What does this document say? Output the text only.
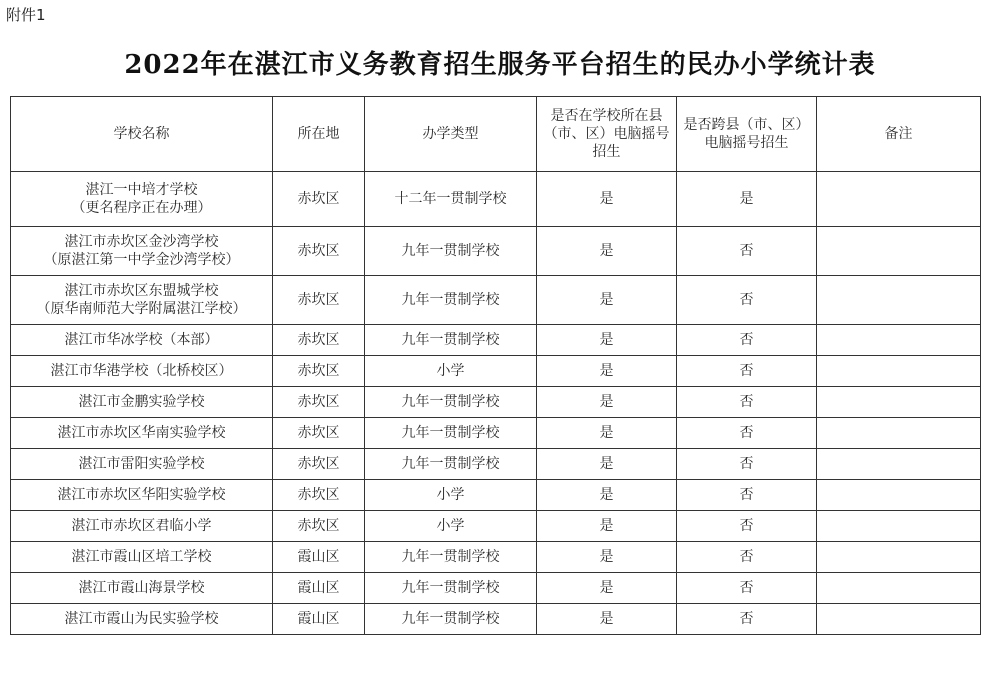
附件1
2022年在湛江市义务教育招生服务平台招生的民办小学统计表
学校名称	所在地	办学类型	是否在学校所在县（市、区）电脑摇号招生	是否跨县（市、区）电脑摇号招生	备注

湛江一中培才学校
（更名程序正在办理）	赤坎区	十二年一贯制学校	是	是	

湛江市赤坎区金沙湾学校
（原湛江第一中学金沙湾学校）	赤坎区	九年一贯制学校	是	否	

湛江市赤坎区东盟城学校
（原华南师范大学附属湛江学校）	赤坎区	九年一贯制学校	是	否	

湛江市华冰学校（本部）	赤坎区	九年一贯制学校	是	否	

湛江市华港学校（北桥校区）	赤坎区	小学	是	否	

湛江市金鹏实验学校	赤坎区	九年一贯制学校	是	否	

湛江市赤坎区华南实验学校	赤坎区	九年一贯制学校	是	否	

湛江市雷阳实验学校	赤坎区	九年一贯制学校	是	否	

湛江市赤坎区华阳实验学校	赤坎区	小学	是	否	

湛江市赤坎区君临小学	赤坎区	小学	是	否	

湛江市霞山区培工学校	霞山区	九年一贯制学校	是	否	

湛江市霞山海景学校	霞山区	九年一贯制学校	是	否	

湛江市霞山为民实验学校	霞山区	九年一贯制学校	是	否	
